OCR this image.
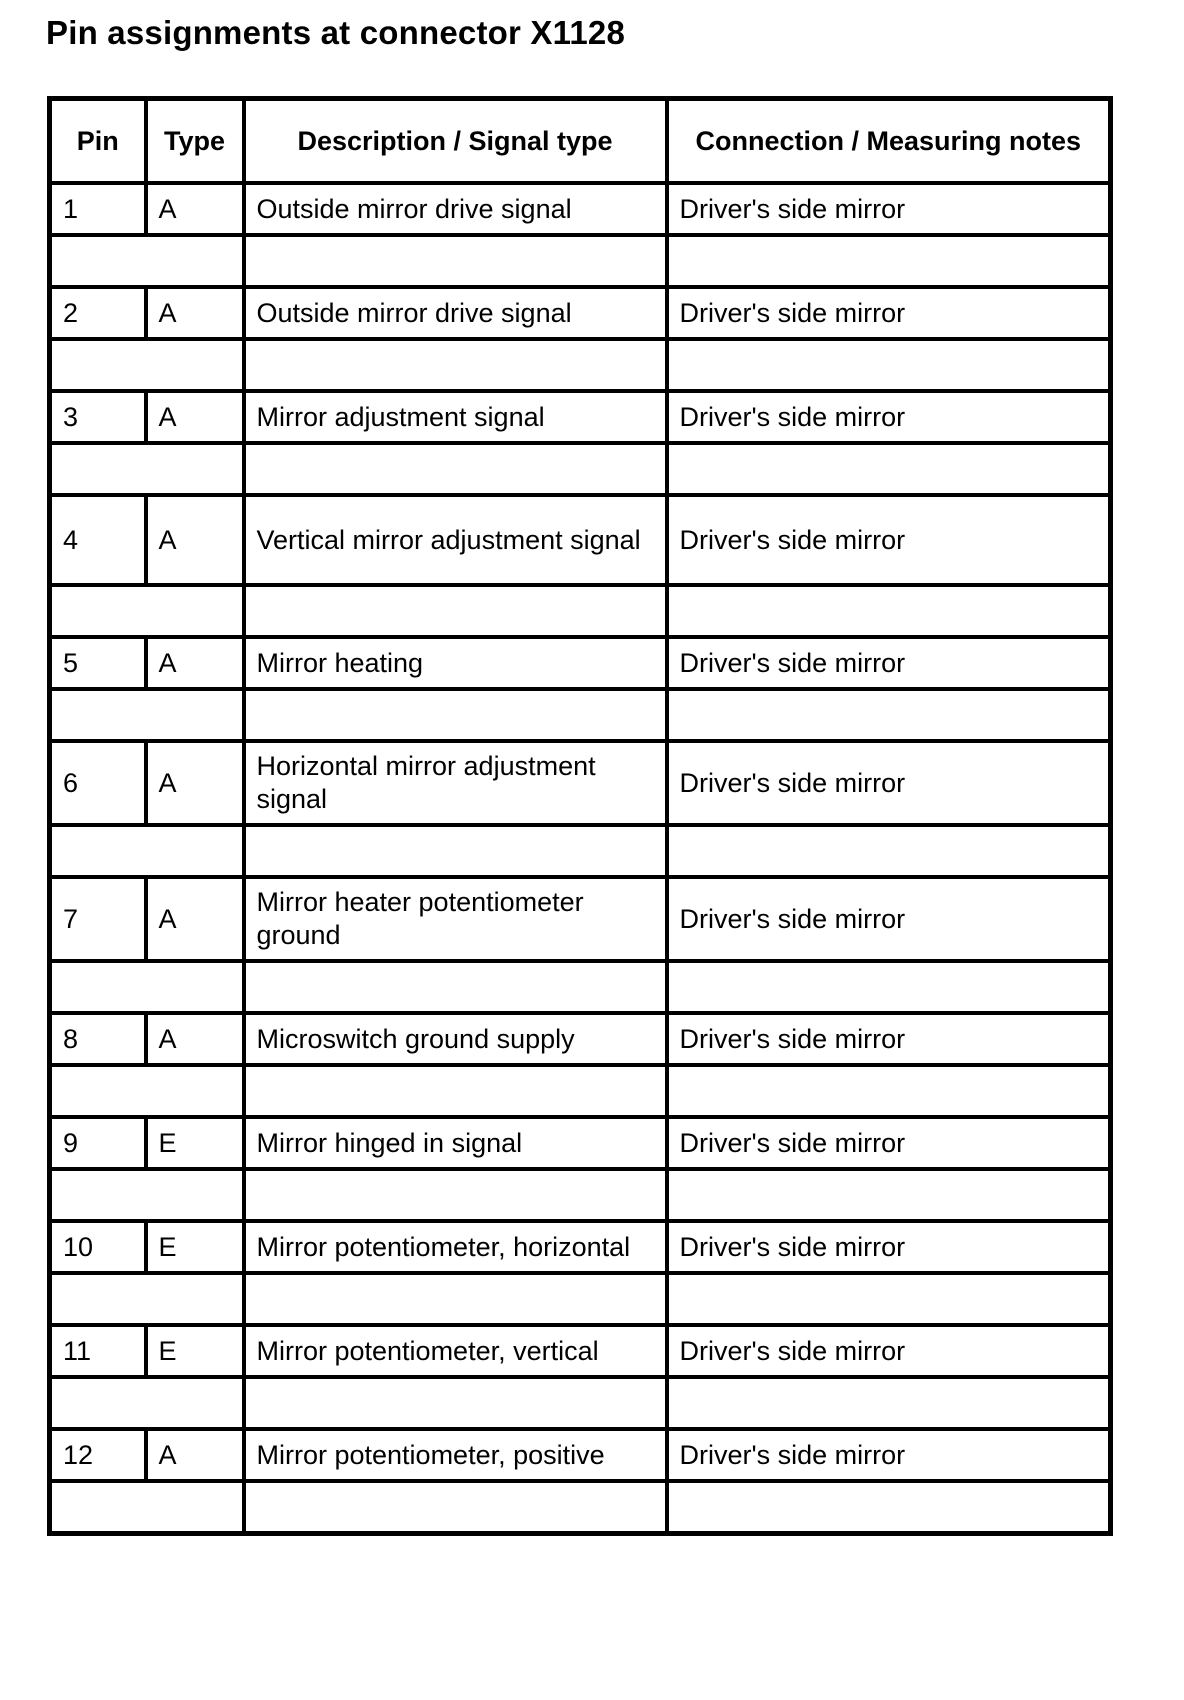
Pin assignments at connector X1128
Pin	Type	Description / Signal type	Connection / Measuring notes
1	A	Outside mirror drive signal	Driver's side mirror

2	A	Outside mirror drive signal	Driver's side mirror

3	A	Mirror adjustment signal	Driver's side mirror

4	A	Vertical mirror adjustment signal	Driver's side mirror

5	A	Mirror heating	Driver's side mirror

6	A	Horizontal mirror adjustment signal	Driver's side mirror

7	A	Mirror heater potentiometer ground	Driver's side mirror

8	A	Microswitch ground supply	Driver's side mirror

9	E	Mirror hinged in signal	Driver's side mirror

10	E	Mirror potentiometer, horizontal	Driver's side mirror

11	E	Mirror potentiometer, vertical	Driver's side mirror

12	A	Mirror potentiometer, positive	Driver's side mirror
